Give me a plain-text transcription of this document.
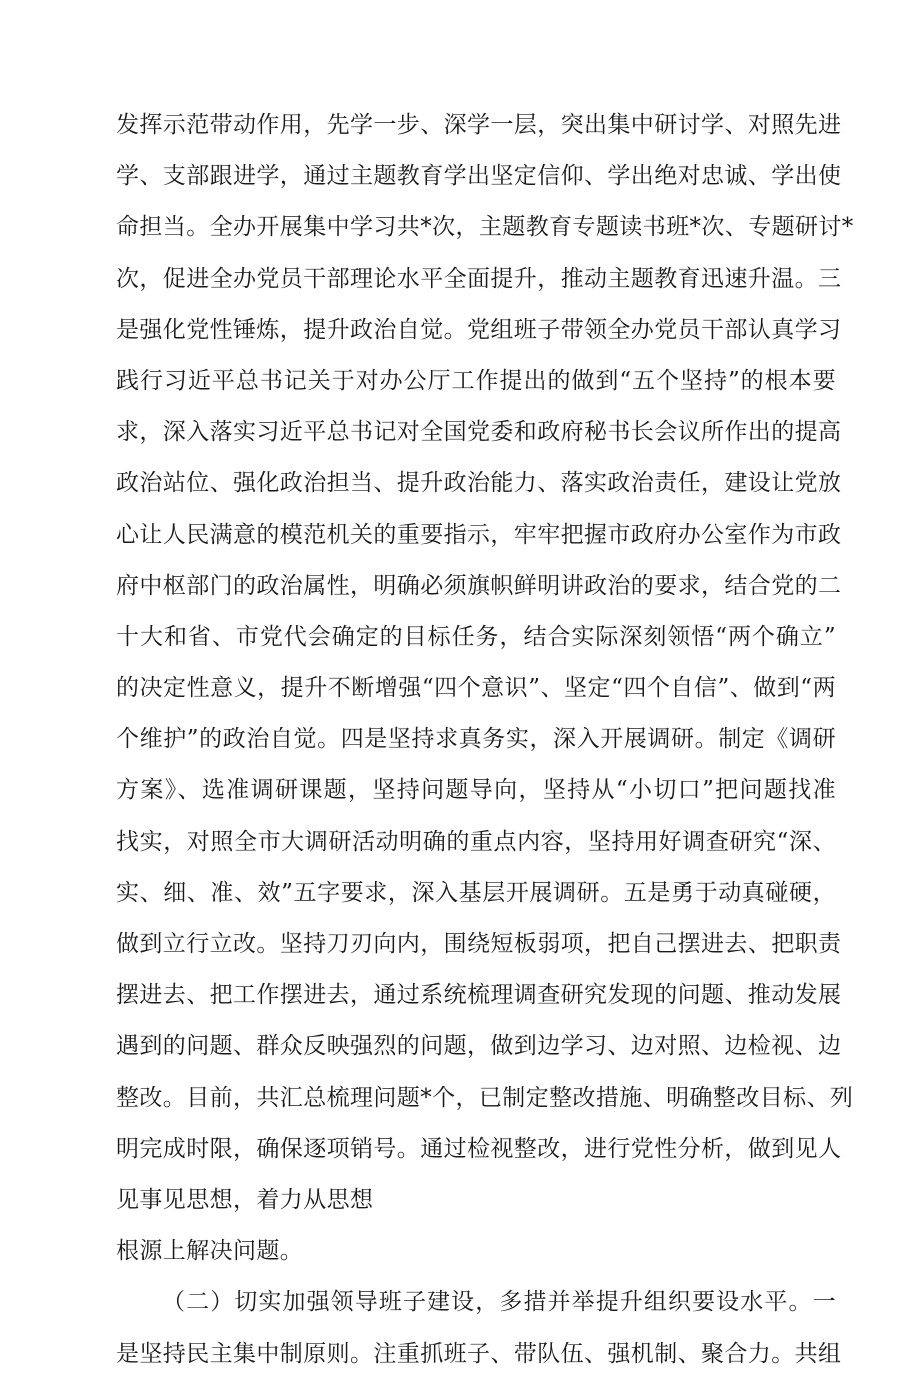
发挥示范带动作用，先学一步、深学一层，突出集中研讨学、对照先进
学、支部跟进学，通过主题教育学出坚定信仰、学出绝对忠诚、学出使
命担当。全办开展集中学习共*次，主题教育专题读书班*次、专题研讨*
次，促进全办党员干部理论水平全面提升，推动主题教育迅速升温。三
是强化党性锤炼，提升政治自觉。党组班子带领全办党员干部认真学习
践行习近平总书记关于对办公厅工作提出的做到“五个坚持”的根本要
求，深入落实习近平总书记对全国党委和政府秘书长会议所作出的提高
政治站位、强化政治担当、提升政治能力、落实政治责任，建设让党放
心让人民满意的模范机关的重要指示，牢牢把握市政府办公室作为市政
府中枢部门的政治属性，明确必须旗帜鲜明讲政治的要求，结合党的二
十大和省、市党代会确定的目标任务，结合实际深刻领悟“两个确立”
的决定性意义，提升不断增强“四个意识”、坚定“四个自信”、做到“两
个维护”的政治自觉。四是坚持求真务实，深入开展调研。制定《调研
方案》、选准调研课题，坚持问题导向，坚持从“小切口”把问题找准
找实，对照全市大调研活动明确的重点内容，坚持用好调查研究“深、
实、细、准、效”五字要求，深入基层开展调研。五是勇于动真碰硬，
做到立行立改。坚持刀刃向内，围绕短板弱项，把自己摆进去、把职责
摆进去、把工作摆进去，通过系统梳理调查研究发现的问题、推动发展
遇到的问题、群众反映强烈的问题，做到边学习、边对照、边检视、边
整改。目前，共汇总梳理问题*个，已制定整改措施、明确整改目标、列
明完成时限，确保逐项销号。通过检视整改，进行党性分析，做到见人
见事见思想，着力从思想
根源上解决问题。
（二）切实加强领导班子建设，多措并举提升组织要设水平。一
是坚持民主集中制原则。注重抓班子、带队伍、强机制、聚合力。共组
